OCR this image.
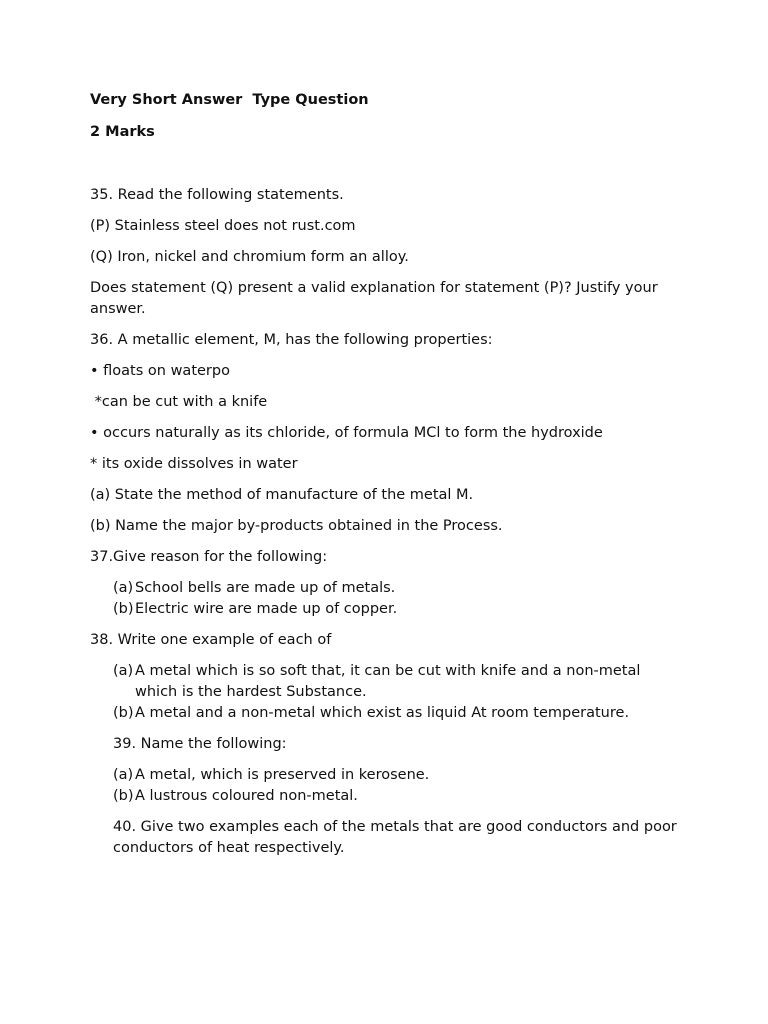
Very Short Answer  Type Question

2 Marks

35. Read the following statements.

(P) Stainless steel does not rust.com

(Q) Iron, nickel and chromium form an alloy.

Does statement (Q) present a valid explanation for statement (P)? Justify your answer.

36. A metallic element, M, has the following properties:

• floats on waterpo

*can be cut with a knife

• occurs naturally as its chloride, of formula MCl to form the hydroxide

* its oxide dissolves in water

(a) State the method of manufacture of the metal M.

(b) Name the major by-products obtained in the Process.

37.Give reason for the following:

(a) School bells are made up of metals.
(b) Electric wire are made up of copper.

38. Write one example of each of

(a) A metal which is so soft that, it can be cut with knife and a non-metal which is the hardest Substance.
(b) A metal and a non-metal which exist as liquid At room temperature.

39. Name the following:

(a) A metal, which is preserved in kerosene.
(b) A lustrous coloured non-metal.

40. Give two examples each of the metals that are good conductors and poor conductors of heat respectively.
